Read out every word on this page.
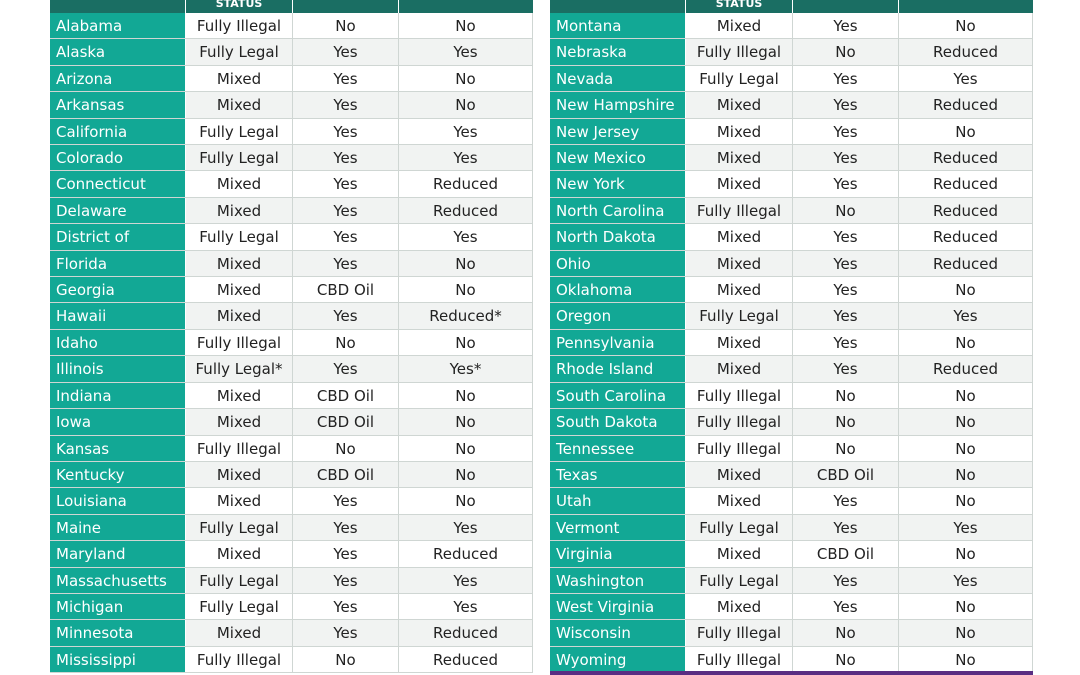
STATUS
Alabama	Fully Illegal	No	No
Alaska	Fully Legal	Yes	Yes
Arizona	Mixed	Yes	No
Arkansas	Mixed	Yes	No
California	Fully Legal	Yes	Yes
Colorado	Fully Legal	Yes	Yes
Connecticut	Mixed	Yes	Reduced
Delaware	Mixed	Yes	Reduced
District of	Fully Legal	Yes	Yes
Florida	Mixed	Yes	No
Georgia	Mixed	CBD Oil	No
Hawaii	Mixed	Yes	Reduced*
Idaho	Fully Illegal	No	No
Illinois	Fully Legal*	Yes	Yes*
Indiana	Mixed	CBD Oil	No
Iowa	Mixed	CBD Oil	No
Kansas	Fully Illegal	No	No
Kentucky	Mixed	CBD Oil	No
Louisiana	Mixed	Yes	No
Maine	Fully Legal	Yes	Yes
Maryland	Mixed	Yes	Reduced
Massachusetts	Fully Legal	Yes	Yes
Michigan	Fully Legal	Yes	Yes
Minnesota	Mixed	Yes	Reduced
Mississippi	Fully Illegal	No	Reduced
STATUS
Montana	Mixed	Yes	No
Nebraska	Fully Illegal	No	Reduced
Nevada	Fully Legal	Yes	Yes
New Hampshire	Mixed	Yes	Reduced
New Jersey	Mixed	Yes	No
New Mexico	Mixed	Yes	Reduced
New York	Mixed	Yes	Reduced
North Carolina	Fully Illegal	No	Reduced
North Dakota	Mixed	Yes	Reduced
Ohio	Mixed	Yes	Reduced
Oklahoma	Mixed	Yes	No
Oregon	Fully Legal	Yes	Yes
Pennsylvania	Mixed	Yes	No
Rhode Island	Mixed	Yes	Reduced
South Carolina	Fully Illegal	No	No
South Dakota	Fully Illegal	No	No
Tennessee	Fully Illegal	No	No
Texas	Mixed	CBD Oil	No
Utah	Mixed	Yes	No
Vermont	Fully Legal	Yes	Yes
Virginia	Mixed	CBD Oil	No
Washington	Fully Legal	Yes	Yes
West Virginia	Mixed	Yes	No
Wisconsin	Fully Illegal	No	No
Wyoming	Fully Illegal	No	No
